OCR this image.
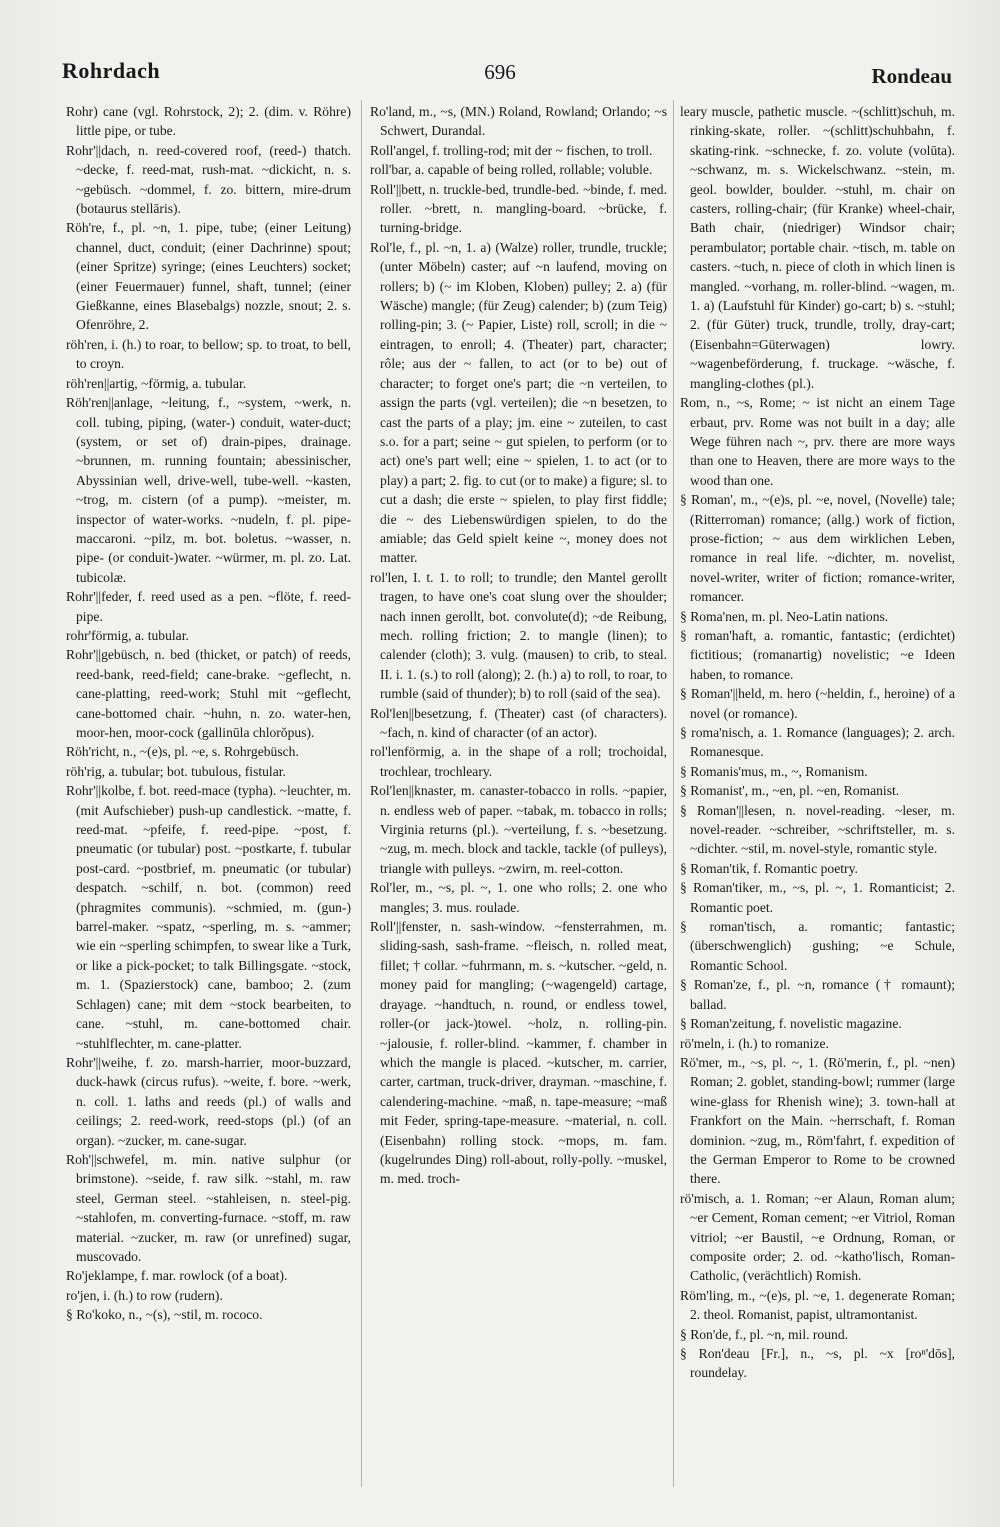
Rohrdach	696	Rondeau

Rohr) cane (vgl. Rohrstock, 2); 2. (dim. v. Röhre) little pipe, or tube.

Rohr'||dach, n. reed-covered roof, (reed-) thatch. ~decke, f. reed-mat, rush-mat. ~dickicht, n. s. ~gebüsch. ~dommel, f. zo. bittern, mire-drum (botaurus stellāris).

Röh're, f., pl. ~n, 1. pipe, tube; (einer Leitung) channel, duct, conduit; (einer Dachrinne) spout; (einer Spritze) syringe; (eines Leuchters) socket; (einer Feuermauer) funnel, shaft, tunnel; (einer Gießkanne, eines Blasebalgs) nozzle, snout; 2. s. Ofenröhre, 2.

röh'ren, i. (h.) to roar, to bellow; sp. to troat, to bell, to croyn.

röh'ren||artig, ~förmig, a. tubular.

Röh'ren||anlage, ~leitung, f., ~system, ~werk, n. coll. tubing, piping, (water-) conduit, water-duct; (system, or set of) drain-pipes, drainage. ~brunnen, m. running fountain; abessinischer, Abyssinian well, drive-well, tube-well. ~kasten, ~trog, m. cistern (of a pump). ~meister, m. inspector of water-works. ~nudeln, f. pl. pipe-maccaroni. ~pilz, m. bot. boletus. ~wasser, n. pipe- (or conduit-)water. ~würmer, m. pl. zo. Lat. tubicolæ.

Rohr'||feder, f. reed used as a pen. ~flöte, f. reed-pipe.

rohr'förmig, a. tubular.

Rohr'||gebüsch, n. bed (thicket, or patch) of reeds, reed-bank, reed-field; cane-brake. ~geflecht, n. cane-platting, reed-work; Stuhl mit ~geflecht, cane-bottomed chair. ~huhn, n. zo. water-hen, moor-hen, moor-cock (gallinūla chlorŏpus).

Röh'richt, n., ~(e)s, pl. ~e, s. Rohrgebüsch.

röh'rig, a. tubular; bot. tubulous, fistular.

Rohr'||kolbe, f. bot. reed-mace (typha). ~leuchter, m. (mit Aufschieber) push-up candlestick. ~matte, f. reed-mat. ~pfeife, f. reed-pipe. ~post, f. pneumatic (or tubular) post. ~postkarte, f. tubular post-card. ~postbrief, m. pneumatic (or tubular) despatch. ~schilf, n. bot. (common) reed (phragmites communis). ~schmied, m. (gun-) barrel-maker. ~spatz, ~sperling, m. s. ~ammer; wie ein ~sperling schimpfen, to swear like a Turk, or like a pick-pocket; to talk Billingsgate. ~stock, m. 1. (Spazierstock) cane, bamboo; 2. (zum Schlagen) cane; mit dem ~stock bearbeiten, to cane. ~stuhl, m. cane-bottomed chair. ~stuhlflechter, m. cane-platter.

Rohr'||weihe, f. zo. marsh-harrier, moor-buzzard, duck-hawk (circus rufus). ~weite, f. bore. ~werk, n. coll. 1. laths and reeds (pl.) of walls and ceilings; 2. reed-work, reed-stops (pl.) (of an organ). ~zucker, m. cane-sugar.

Roh'||schwefel, m. min. native sulphur (or brimstone). ~seide, f. raw silk. ~stahl, m. raw steel, German steel. ~stahleisen, n. steel-pig. ~stahlofen, m. converting-furnace. ~stoff, m. raw material. ~zucker, m. raw (or unrefined) sugar, muscovado.

Ro'jeklampe, f. mar. rowlock (of a boat).

ro'jen, i. (h.) to row (rudern).

§ Ro'koko, n., ~(s), ~stil, m. rococo.

Ro'land, m., ~s, (MN.) Roland, Rowland; Orlando; ~s Schwert, Durandal.

Roll'angel, f. trolling-rod; mit der ~ fischen, to troll.

roll'bar, a. capable of being rolled, rollable; voluble.

Roll'||bett, n. truckle-bed, trundle-bed. ~binde, f. med. roller. ~brett, n. mangling-board. ~brücke, f. turning-bridge.

Rol'le, f., pl. ~n, 1. a) (Walze) roller, trundle, truckle; (unter Möbeln) caster; auf ~n laufend, moving on rollers; b) (~ im Kloben, Kloben) pulley; 2. a) (für Wäsche) mangle; (für Zeug) calender; b) (zum Teig) rolling-pin; 3. (~ Papier, Liste) roll, scroll; in die ~ eintragen, to enroll; 4. (Theater) part, character; rôle; aus der ~ fallen, to act (or to be) out of character; to forget one's part; die ~n verteilen, to assign the parts (vgl. verteilen); die ~n besetzen, to cast the parts of a play; jm. eine ~ zuteilen, to cast s.o. for a part; seine ~ gut spielen, to perform (or to act) one's part well; eine ~ spielen, 1. to act (or to play) a part; 2. fig. to cut (or to make) a figure; sl. to cut a dash; die erste ~ spielen, to play first fiddle; die ~ des Liebenswürdigen spielen, to do the amiable; das Geld spielt keine ~, money does not matter.

rol'len, I. t. 1. to roll; to trundle; den Mantel gerollt tragen, to have one's coat slung over the shoulder; nach innen gerollt, bot. convolute(d); ~de Reibung, mech. rolling friction; 2. to mangle (linen); to calender (cloth); 3. vulg. (mausen) to crib, to steal. II. i. 1. (s.) to roll (along); 2. (h.) a) to roll, to roar, to rumble (said of thunder); b) to roll (said of the sea).

Rol'len||besetzung, f. (Theater) cast (of characters). ~fach, n. kind of character (of an actor).

rol'lenförmig, a. in the shape of a roll; trochoidal, trochlear, trochleary.

Rol'len||knaster, m. canaster-tobacco in rolls. ~papier, n. endless web of paper. ~tabak, m. tobacco in rolls; Virginia returns (pl.). ~verteilung, f. s. ~besetzung. ~zug, m. mech. block and tackle, tackle (of pulleys), triangle with pulleys. ~zwirn, m. reel-cotton.

Rol'ler, m., ~s, pl. ~, 1. one who rolls; 2. one who mangles; 3. mus. roulade.

Roll'||fenster, n. sash-window. ~fensterrahmen, m. sliding-sash, sash-frame. ~fleisch, n. rolled meat, fillet; † collar. ~fuhrmann, m. s. ~kutscher. ~geld, n. money paid for mangling; (~wagengeld) cartage, drayage. ~handtuch, n. round, or endless towel, roller-(or jack-)towel. ~holz, n. rolling-pin. ~jalousie, f. roller-blind. ~kammer, f. chamber in which the mangle is placed. ~kutscher, m. carrier, carter, cartman, truck-driver, drayman. ~maschine, f. calendering-machine. ~maß, n. tape-measure; ~maß mit Feder, spring-tape-measure. ~material, n. coll. (Eisenbahn) rolling stock. ~mops, m. fam. (kugelrundes Ding) roll-about, rolly-polly. ~muskel, m. med. troch-

leary muscle, pathetic muscle. ~(schlitt)schuh, m. rinking-skate, roller. ~(schlitt)schuhbahn, f. skating-rink. ~schnecke, f. zo. volute (volūta). ~schwanz, m. s. Wickelschwanz. ~stein, m. geol. bowlder, boulder. ~stuhl, m. chair on casters, rolling-chair; (für Kranke) wheel-chair, Bath chair, (niedriger) Windsor chair; perambulator; portable chair. ~tisch, m. table on casters. ~tuch, n. piece of cloth in which linen is mangled. ~vorhang, m. roller-blind. ~wagen, m. 1. a) (Laufstuhl für Kinder) go-cart; b) s. ~stuhl; 2. (für Güter) truck, trundle, trolly, dray-cart; (Eisenbahn=Güterwagen) lowry. ~wagenbeförderung, f. truckage. ~wäsche, f. mangling-clothes (pl.).

Rom, n., ~s, Rome; ~ ist nicht an einem Tage erbaut, prv. Rome was not built in a day; alle Wege führen nach ~, prv. there are more ways than one to Heaven, there are more ways to the wood than one.

§ Roman', m., ~(e)s, pl. ~e, novel, (Novelle) tale; (Ritterroman) romance; (allg.) work of fiction, prose-fiction; ~ aus dem wirklichen Leben, romance in real life. ~dichter, m. novelist, novel-writer, writer of fiction; romance-writer, romancer.

§ Roma'nen, m. pl. Neo-Latin nations.

§ roman'haft, a. romantic, fantastic; (erdichtet) fictitious; (romanartig) novelistic; ~e Ideen haben, to romance.

§ Roman'||held, m. hero (~heldin, f., heroine) of a novel (or romance).

§ roma'nisch, a. 1. Romance (languages); 2. arch. Romanesque.

§ Romanis'mus, m., ~, Romanism.

§ Romanist', m., ~en, pl. ~en, Romanist.

§ Roman'||lesen, n. novel-reading. ~leser, m. novel-reader. ~schreiber, ~schriftsteller, m. s. ~dichter. ~stil, m. novel-style, romantic style.

§ Roman'tik, f. Romantic poetry.

§ Roman'tiker, m., ~s, pl. ~, 1. Romanticist; 2. Romantic poet.

§ roman'tisch, a. romantic; fantastic; (überschwenglich) gushing; ~e Schule, Romantic School.

§ Roman'ze, f., pl. ~n, romance († romaunt); ballad.

§ Roman'zeitung, f. novelistic magazine.

rö'meln, i. (h.) to romanize.

Rö'mer, m., ~s, pl. ~, 1. (Rö'merin, f., pl. ~nen) Roman; 2. goblet, standing-bowl; rummer (large wine-glass for Rhenish wine); 3. town-hall at Frankfort on the Main. ~herrschaft, f. Roman dominion. ~zug, m., Röm'fahrt, f. expedition of the German Emperor to Rome to be crowned there.

rö'misch, a. 1. Roman; ~er Alaun, Roman alum; ~er Cement, Roman cement; ~er Vitriol, Roman vitriol; ~er Baustil, ~e Ordnung, Roman, or composite order; 2. od. ~katho'lisch, Roman-Catholic, (verächtlich) Romish.

Röm'ling, m., ~(e)s, pl. ~e, 1. degenerate Roman; 2. theol. Romanist, papist, ultramontanist.

§ Ron'de, f., pl. ~n, mil. round.

§ Ron'deau [Fr.], n., ~s, pl. ~x [roⁿ'dōs], roundelay.
